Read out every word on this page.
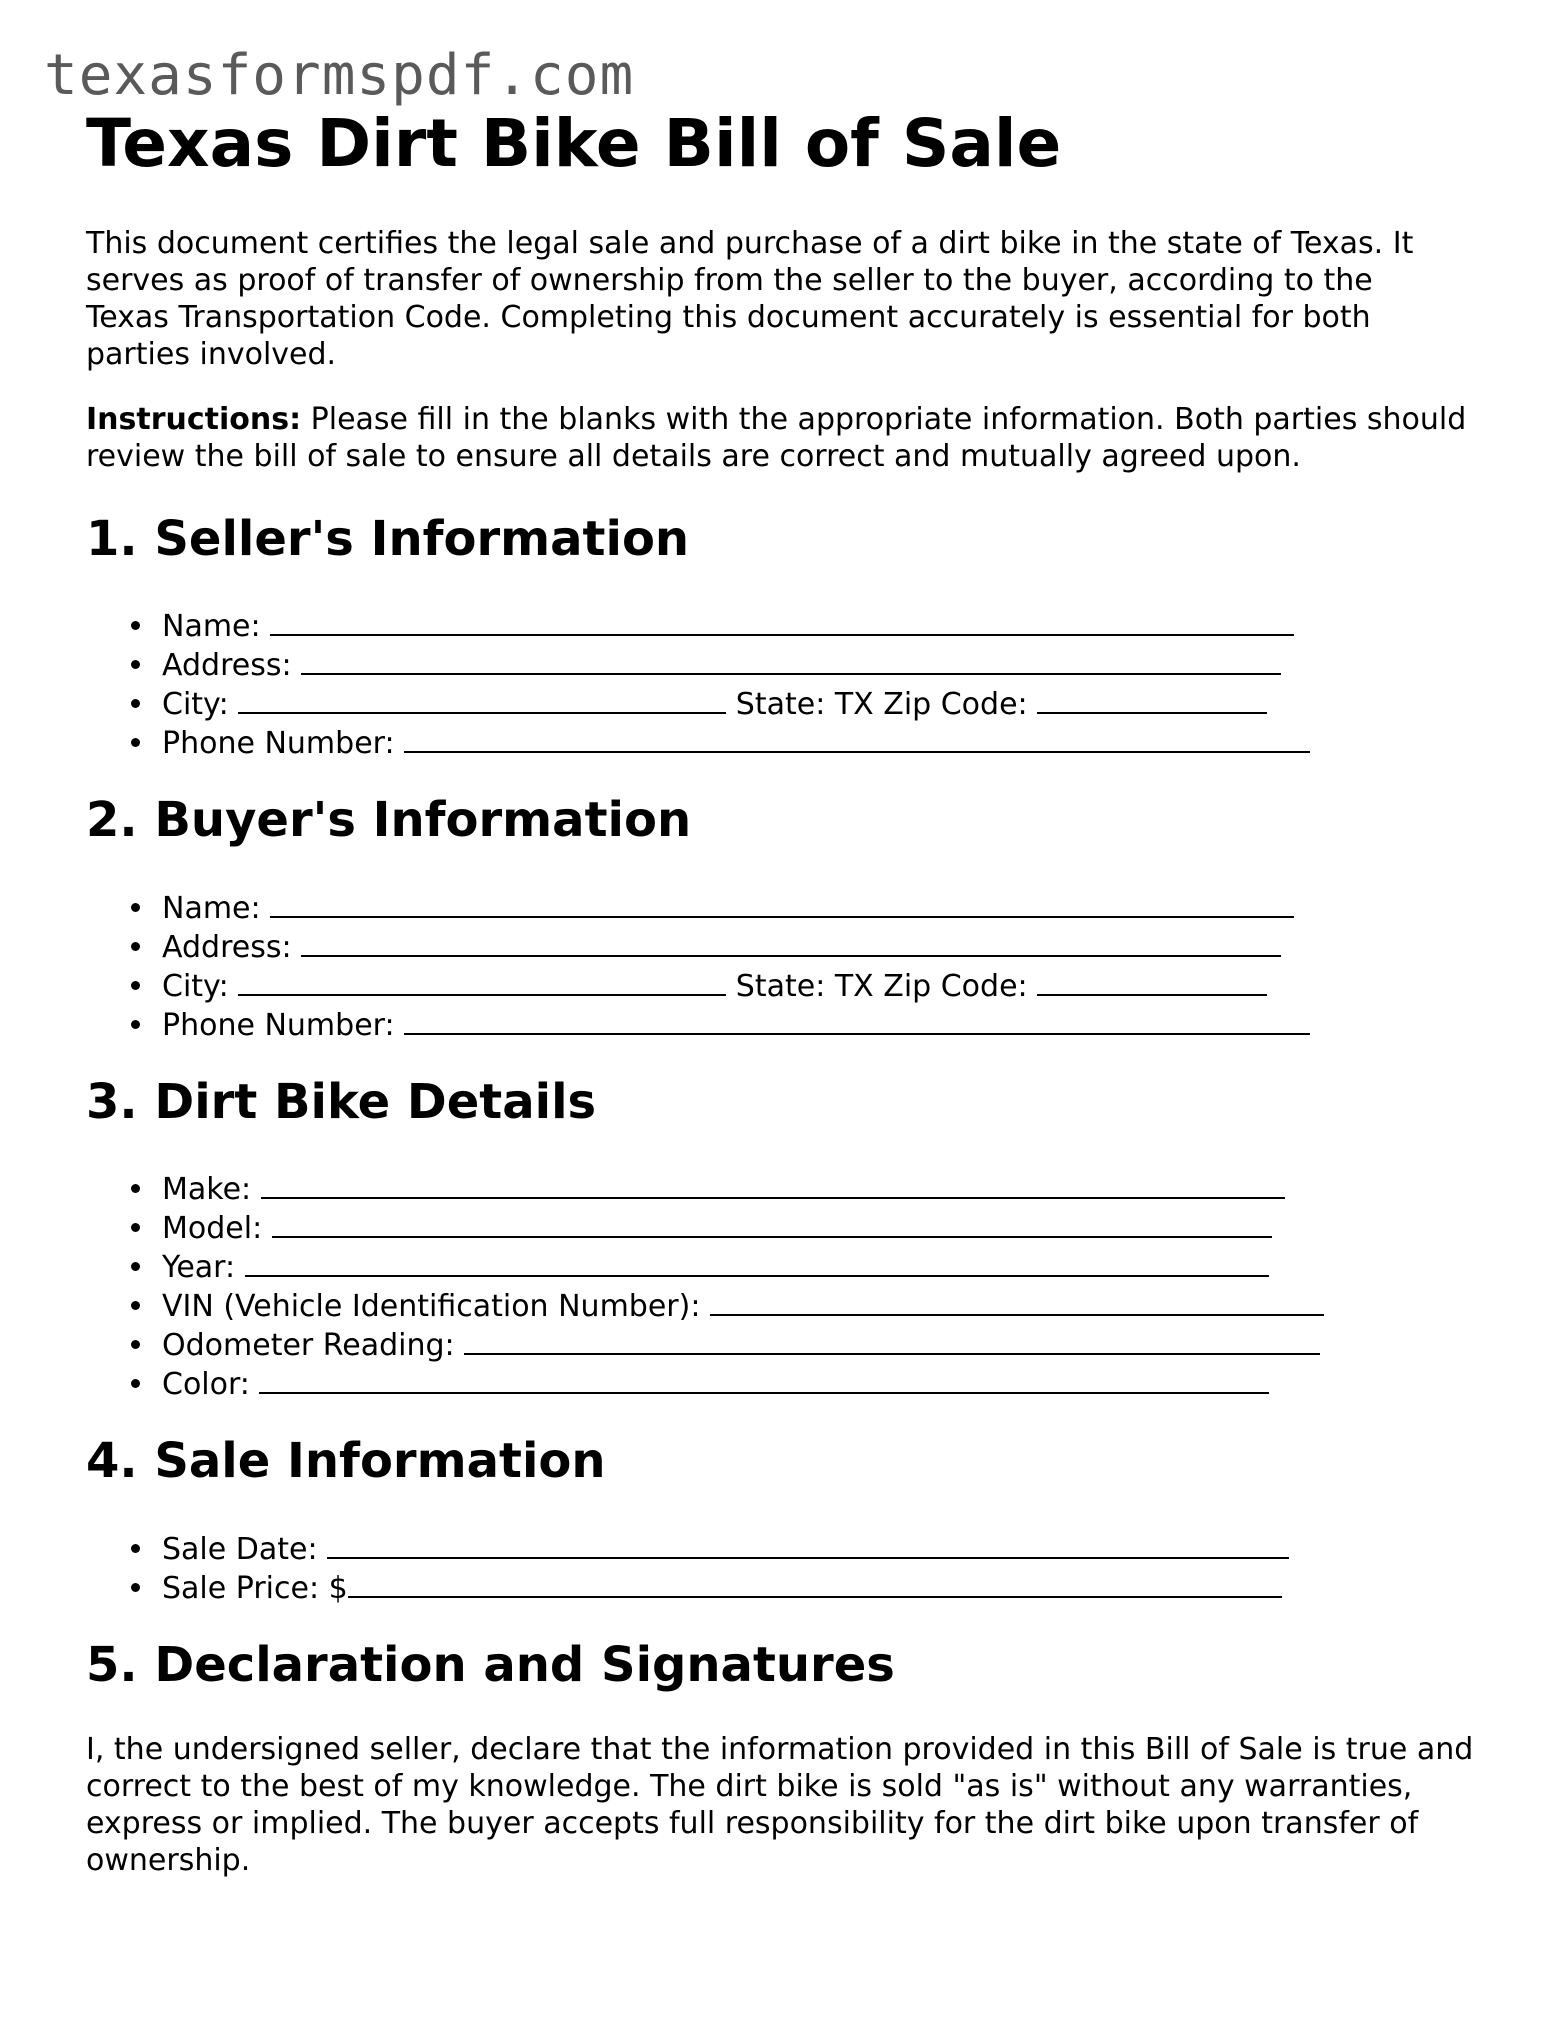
texasformspdf.com
Texas Dirt Bike Bill of Sale

This document certifies the legal sale and purchase of a dirt bike in the state of Texas. It serves as proof of transfer of ownership from the seller to the buyer, according to the Texas Transportation Code. Completing this document accurately is essential for both parties involved.

Instructions: Please fill in the blanks with the appropriate information. Both parties should review the bill of sale to ensure all details are correct and mutually agreed upon.

1. Seller's Information
Name:
Address:
City:	State: TX Zip Code:
Phone Number:
2. Buyer's Information
Name:
Address:
City:	State: TX Zip Code:
Phone Number:
3. Dirt Bike Details
Make:
Model:
Year:
VIN (Vehicle Identification Number):
Odometer Reading:
Color:
4. Sale Information
Sale Date:
Sale Price: $
5. Declaration and Signatures

I, the undersigned seller, declare that the information provided in this Bill of Sale is true and correct to the best of my knowledge. The dirt bike is sold "as is" without any warranties, express or implied. The buyer accepts full responsibility for the dirt bike upon transfer of ownership.
